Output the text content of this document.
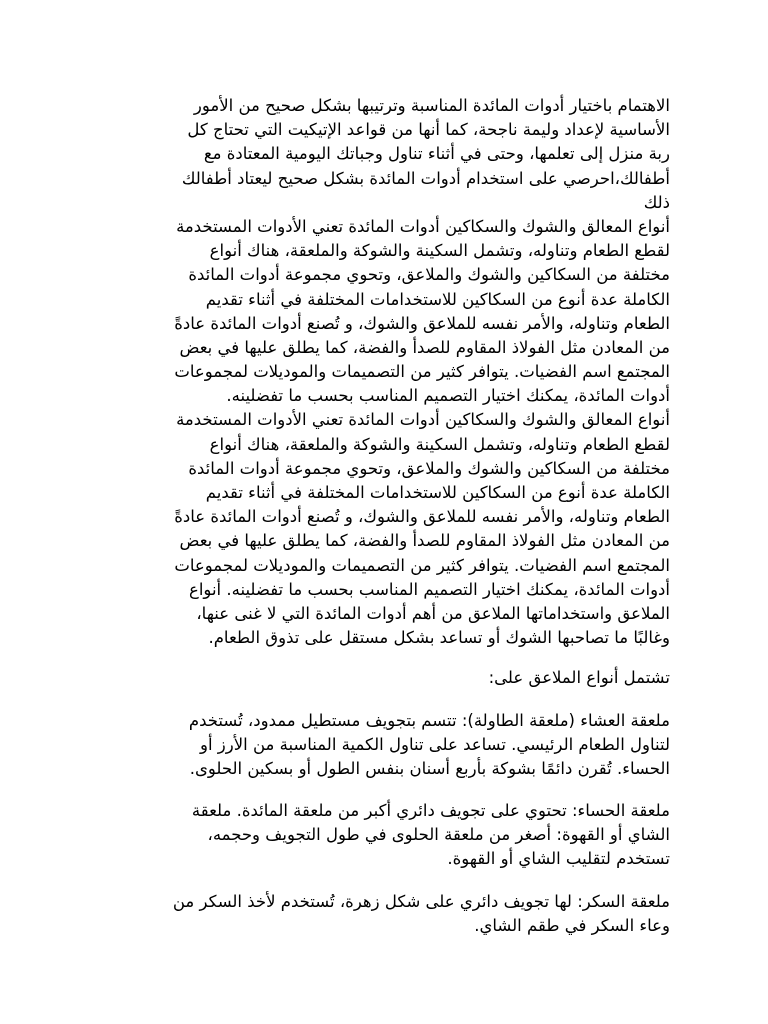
الاهتمام باختيار أدوات المائدة المناسبة وترتيبها بشكل صحيح من الأمور
الأساسية لإعداد وليمة ناجحة، كما أنها من قواعد الإتيكيت التي تحتاج كل
ربة منزل إلى تعلمها، وحتى في أثناء تناول وجباتك اليومية المعتادة مع
أطفالك،احرصي على استخدام أدوات المائدة بشكل صحيح ليعتاد أطفالك
ذلك
أنواع المعالق والشوك والسكاكين أدوات المائدة تعني الأدوات المستخدمة
لقطع الطعام وتناوله، وتشمل السكينة والشوكة والملعقة، هناك أنواع
مختلفة من السكاكين والشوك والملاعق، وتحوي مجموعة أدوات المائدة
الكاملة عدة أنوع من السكاكين للاستخدامات المختلفة في أثناء تقديم
الطعام وتناوله، والأمر نفسه للملاعق والشوك، و تُصنع أدوات المائدة عادةً
من المعادن مثل الفولاذ المقاوم للصدأ والفضة، كما يطلق عليها في بعض
المجتمع اسم الفضيات. يتوافر كثير من التصميمات والموديلات لمجموعات
أدوات المائدة، يمكنك اختيار التصميم المناسب بحسب ما تفضلينه.
أنواع المعالق والشوك والسكاكين أدوات المائدة تعني الأدوات المستخدمة
لقطع الطعام وتناوله، وتشمل السكينة والشوكة والملعقة، هناك أنواع
مختلفة من السكاكين والشوك والملاعق، وتحوي مجموعة أدوات المائدة
الكاملة عدة أنوع من السكاكين للاستخدامات المختلفة في أثناء تقديم
الطعام وتناوله، والأمر نفسه للملاعق والشوك، و تُصنع أدوات المائدة عادةً
من المعادن مثل الفولاذ المقاوم للصدأ والفضة، كما يطلق عليها في بعض
المجتمع اسم الفضيات. يتوافر كثير من التصميمات والموديلات لمجموعات
أدوات المائدة، يمكنك اختيار التصميم المناسب بحسب ما تفضلينه. أنواع
الملاعق واستخداماتها الملاعق من أهم أدوات المائدة التي لا غنى عنها،
وغالبًا ما تصاحبها الشوك أو تساعد بشكل مستقل على تذوق الطعام.
تشتمل أنواع الملاعق على:
ملعقة العشاء (ملعقة الطاولة): تتسم بتجويف مستطيل ممدود، تُستخدم
لتناول الطعام الرئيسي. تساعد على تناول الكمية المناسبة من الأرز أو
الحساء. تُقرن دائمًا بشوكة بأربع أسنان بنفس الطول أو بسكين الحلوى.
ملعقة الحساء: تحتوي على تجويف دائري أكبر من ملعقة المائدة. ملعقة
الشاي أو القهوة: أصغر من ملعقة الحلوى في طول التجويف وحجمه،
تستخدم لتقليب الشاي أو القهوة.
ملعقة السكر: لها تجويف دائري على شكل زهرة، تُستخدم لأخذ السكر من
وعاء السكر في طقم الشاي.
